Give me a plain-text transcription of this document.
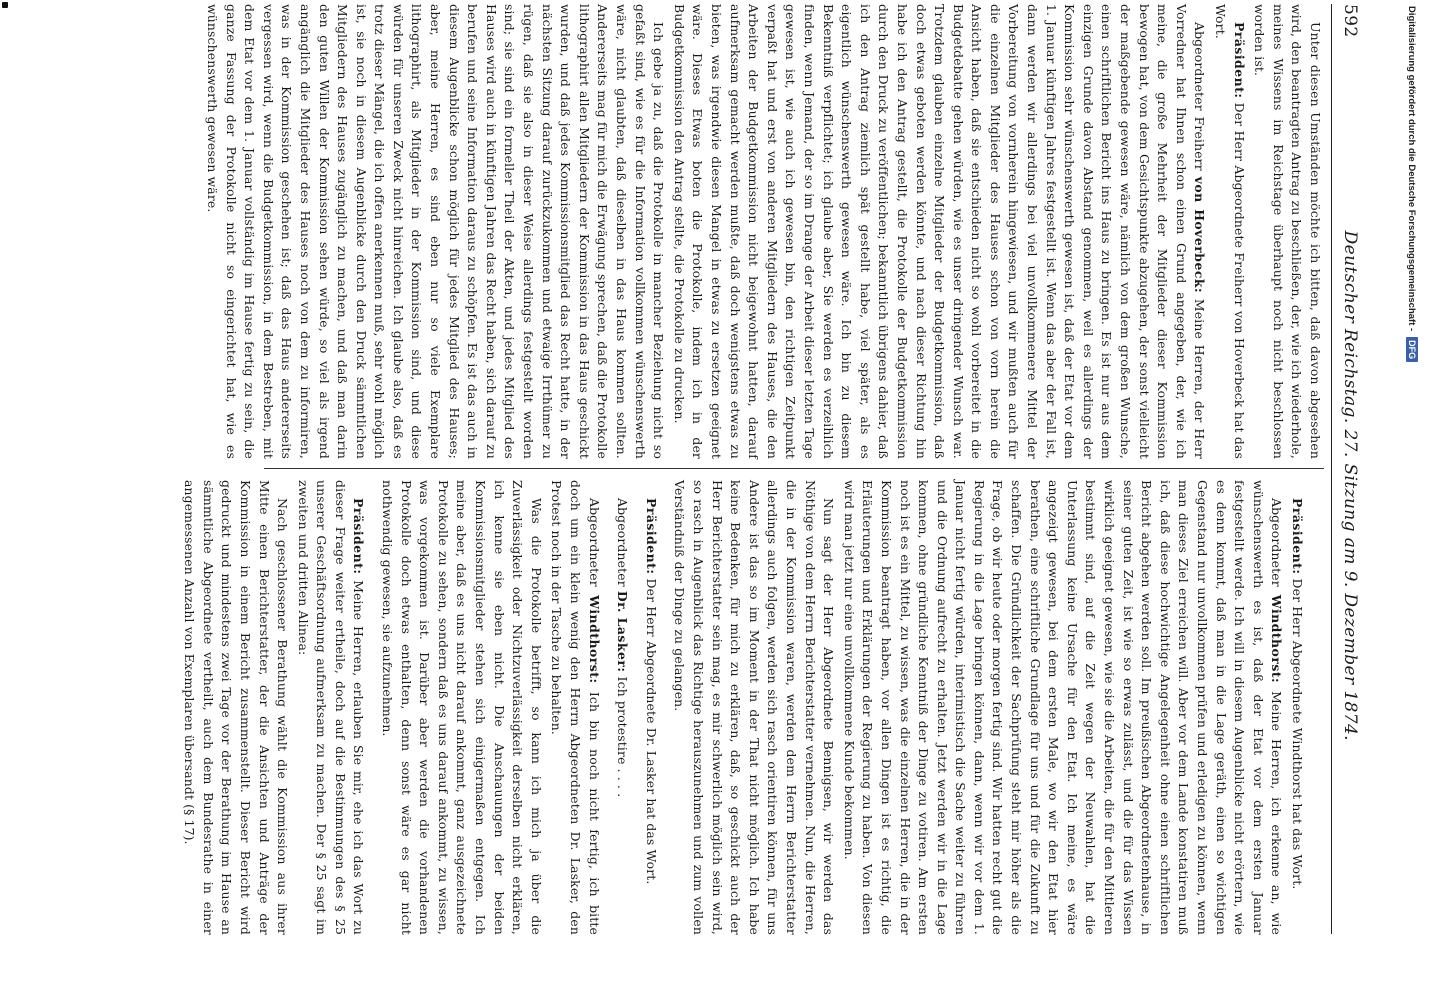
592
Deutscher Reichstag. 27. Sitzung am 9. Dezember 1874.

Unter diesen Umständen möchte ich bitten, daß davon abgesehen wird, den beantragten Antrag zu beschließen, der, wie ich wiederhole, meines Wissens im Reichstage überhaupt noch nicht beschlossen worden ist.

Präsident: Der Herr Abgeordnete Freiherr von Hoverbeck hat das Wort.

Abgeordneter Freiherr von Hoverbeck: Meine Herren, der Herr Vorredner hat Ihnen schon einen Grund angegeben, der, wie ich meine, die große Mehrheit der Mitglieder dieser Kommission bewogen hat, von dem Gesichtspunkte abzugehen, der sonst vielleicht der maßgebende gewesen wäre, nämlich von dem großen Wunsche, einen schriftlichen Bericht ins Haus zu bringen. Es ist nur aus dem einzigen Grunde davon Abstand genommen, weil es allerdings der Kommission sehr wünschenswerth gewesen ist, daß der Etat vor dem 1. Januar künftigen Jahres festgestellt ist. Wenn das aber der Fall ist, dann werden wir allerdings bei viel unvollkommenere Mittel der Vorbereitung von vornherein hingewiesen, und wir mußten auch für die einzelnen Mitglieder des Hauses schon von vorn herein die Ansicht haben, daß sie entschieden nicht so wohl vorbereitet in die Budgetdebatte gehen würden, wie es unser dringender Wunsch war. Trotzdem glauben einzelne Mitglieder der Budgetkommission, daß doch etwas geboten werden könnte, und nach dieser Richtung hin habe ich den Antrag gestellt, die Protokolle der Budgetkommission durch den Druck zu veröffentlichen; bekanntlich übrigens dahier, daß ich den Antrag ziemlich spät gestellt habe, viel später, als es eigentlich wünschenswerth gewesen wäre. Ich bin zu diesem Bekenntniß verpflichtet; ich glaube aber, Sie werden es verzeihlich finden, wenn Jemand, der so im Drange der Arbeit dieser letzten Tage gewesen ist, wie auch ich gewesen bin, den richtigen Zeitpunkt verpaßt hat und erst von anderen Mitgliedern des Hauses, die den Arbeiten der Budgetkommission nicht beigewohnt hatten, darauf aufmerksam gemacht werden mußte, daß doch wenigstens etwas zu bieten, was irgendwie diesen Mangel in etwas zu ersetzen geeignet wäre. Dieses Etwas boten die Protokolle, indem ich in der Budgetkommission den Antrag stellte, die Protokolle zu drucken.

Ich gebe ja zu, daß die Protokolle in mancher Beziehung nicht so gefaßt sind, wie es für die Information vollkommen wünschenswerth wäre, nicht glaubten, daß dieselben in das Haus kommen sollten. Andererseits mag für mich die Erwägung sprechen, daß die Protokolle lithographirt allen Mitgliedern der Kommission in das Haus geschickt wurden, und daß jedes Kommissionsmitglied das Recht hatte, in der nächsten Sitzung darauf zurückzukommen und etwaige Irrthümer zu rügen, daß sie also in dieser Weise allerdings festgestellt worden sind; sie sind ein formeller Theil der Akten, und jedes Mitglied des Hauses wird auch in künftigen Jahren das Recht haben, sich darauf zu berufen und seine Information daraus zu schöpfen. Es ist das auch in diesem Augenblicke schon möglich für jedes Mitglied des Hauses; aber, meine Herren, es sind eben nur so viele Exemplare lithographirt, als Mitglieder in der Kommission sind, und diese würden für unseren Zweck nicht hinreichen. Ich glaube also, daß es trotz dieser Mängel, die ich offen anerkennen muß, sehr wohl möglich ist, sie noch in diesem Augenblicke durch den Druck sämmtlichen Mitgliedern des Hauses zugänglich zu machen, und daß man darin den guten Willen der Kommission sehen würde, so viel als irgend angänglich die Mitglieder des Hauses noch von dem zu informiren, was in der Kommission geschehen ist; daß das Haus andererseits vergessen wird, wenn die Budgetkommission, in dem Bestreben, mit dem Etat vor dem 1. Januar vollständig im Hause fertig zu sein, die ganze Fassung der Protokolle nicht so eingerichtet hat, wie es wünschenswerth gewesen wäre.

Präsident: Der Herr Abgeordnete Windthorst hat das Wort.

Abgeordneter Windthorst: Meine Herren, ich erkenne an, wie wünschenswerth es ist, daß der Etat vor dem ersten Januar festgestellt werde. Ich will in diesem Augenblicke nicht erörtern, wie es denn kommt, daß man in die Lage geräth, einen so wichtigen Gegenstand nur unvollkommen prüfen und erledigen zu können, wenn man dieses Ziel erreichen will. Aber vor dem Lande konstatiren muß ich, daß diese hochwichtige Angelegenheit ohne einen schriftlichen Bericht abgehen werden soll. Im preußischen Abgeordnetenhause, in seiner guten Zeit, ist wie so erwas zulässt, und die für das Wissen wirklich geeignet gewesen, wie sie die Arbeiten, die für den Mittleren bestimmt sind, auf die Zeit wegen der Neuwahlen, hat die Unterlassung keine Ursache für den Etat. Ich meine, es wäre angezeigt gewesen, bei dem ersten Male, wo wir den Etat hier berathen, eine schriftliche Grundlage für uns und für die Zukunft zu schaffen. Die Gründlichkeit der Sachprüfung steht mir höher als die Frage, ob wir heute oder morgen fertig sind. Wir hatten recht gut die Regierung in die Lage bringen können, dann, wenn wir vor dem 1. Januar nicht fertig würden, interimistisch die Sache weiter zu führen und die Ordnung aufrecht zu erhalten. Jetzt werden wir in die Lage kommen, ohne gründliche Kenntniß der Dinge zu votiren. Am ersten noch ist es ein Mittel, zu wissen, was die einzelnen Herren, die in der Kommission beantragt haben, vor allen Dingen ist es richtig, die Erläuterungen und Erklärungen der Regierung zu haben. Von diesen wird man jetzt nur eine unvollkommene Kunde bekommen.

Nun sagt der Herr Abgeordnete Bennigsen, wir werden das Nöthige von dem Herrn Berichterstatter vernehmen. Nun, die Herren, die in der Kommission waren, werden dem Herrn Berichterstatter allerdings auch folgen, werden sich rasch orientiren können, für uns Andere ist das so im Moment in der That nicht möglich. Ich habe keine Bedenken, für mich zu erklären, daß, so geschickt auch der Herr Berichterstatter sein mag, es mir schwerlich möglich sein wird, so rasch in Augenblick das Richtige herauszunehmen und zum vollen Verständniß der Dinge zu gelangen.

Präsident: Der Herr Abgeordnete Dr. Lasker hat das Wort.

Abgeordneter Dr. Lasker: Ich protestire . . . .

Abgeordneter Windthorst: Ich bin noch nicht fertig, ich bitte doch um ein klein wenig den Herrn Abgeordneten Dr. Lasker, den Protest noch in der Tasche zu behalten.

Was die Protokolle betrifft, so kann ich mich ja über die Zuverlässigkeit oder Nichtzuverlässigkeit derselben nicht erklären, ich kenne sie eben nicht. Die Anschauungen der beiden Kommissionsmitglieder stehen sich einigermaßen entgegen. Ich meine aber, daß es uns nicht darauf ankommt, ganz ausgezeichnete Protokolle zu sehen, sondern daß es uns darauf ankommt, zu wissen, was vorgekommen ist. Darüber aber werden die vorhandenen Protokolle doch etwas enthalten, denn sonst wäre es gar nicht nothwendig gewesen, sie aufzunehmen.

Präsident: Meine Herren, erlauben Sie mir, ehe ich das Wort zu dieser Frage weiter ertheile, doch auf die Bestimmungen des § 25 unserer Geschäftsordnung aufmerksam zu machen. Der § 25 sagt im zweiten und dritten Alinea:

Nach geschlossener Berathung wählt die Kommission aus ihrer Mitte einen Berichterstatter, der die Ansichten und Anträge der Kommission in einem Bericht zusammenstellt. Dieser Bericht wird gedruckt und mindestens zwei Tage vor der Berathung im Hause an sämmtliche Abgeordnete vertheilt, auch dem Bundesrathe in einer angemessenen Anzahl von Exemplaren übersandt (§ 17).

Digitalisierung gefördert durch die Deutsche Forschungsgemeinschaft -DFG
